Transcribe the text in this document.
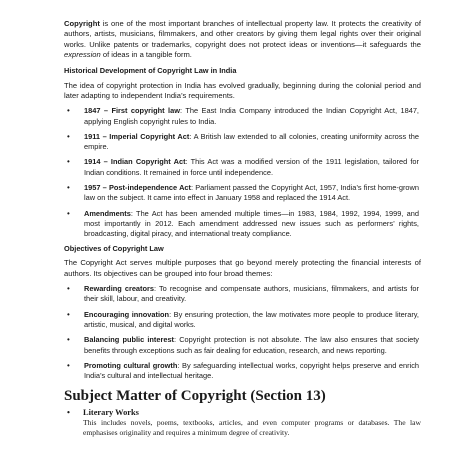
Copyright is one of the most important branches of intellectual property law. It protects the creativity of authors, artists, musicians, filmmakers, and other creators by giving them legal rights over their original works. Unlike patents or trademarks, copyright does not protect ideas or inventions—it safeguards the expression of ideas in a tangible form.

Historical Development of Copyright Law in India

The idea of copyright protection in India has evolved gradually, beginning during the colonial period and later adapting to independent India’s requirements.

• 1847 – First copyright law: The East India Company introduced the Indian Copyright Act, 1847, applying English copyright rules to India.
• 1911 – Imperial Copyright Act: A British law extended to all colonies, creating uniformity across the empire.
• 1914 – Indian Copyright Act: This Act was a modified version of the 1911 legislation, tailored for Indian conditions. It remained in force until independence.
• 1957 – Post-independence Act: Parliament passed the Copyright Act, 1957, India’s first home-grown law on the subject. It came into effect in January 1958 and replaced the 1914 Act.
• Amendments: The Act has been amended multiple times—in 1983, 1984, 1992, 1994, 1999, and most importantly in 2012. Each amendment addressed new issues such as performers’ rights, broadcasting, digital piracy, and international treaty compliance.

Objectives of Copyright Law

The Copyright Act serves multiple purposes that go beyond merely protecting the financial interests of authors. Its objectives can be grouped into four broad themes:

• Rewarding creators: To recognise and compensate authors, musicians, filmmakers, and artists for their skill, labour, and creativity.
• Encouraging innovation: By ensuring protection, the law motivates more people to produce literary, artistic, musical, and digital works.
• Balancing public interest: Copyright protection is not absolute. The law also ensures that society benefits through exceptions such as fair dealing for education, research, and news reporting.
• Promoting cultural growth: By safeguarding intellectual works, copyright helps preserve and enrich India’s cultural and intellectual heritage.

Subject Matter of Copyright (Section 13)

• Literary Works

This includes novels, poems, textbooks, articles, and even computer programs or databases. The law emphasises originality and requires a minimum degree of creativity.
